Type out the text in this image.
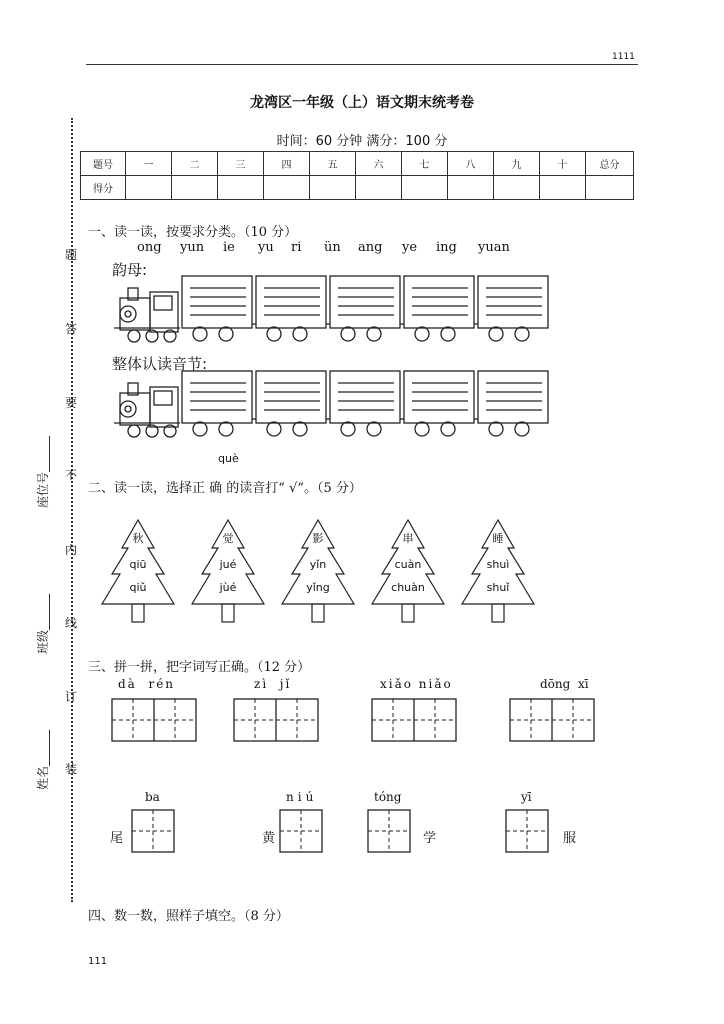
1111
龙湾区一年级（上）语文期末统考卷
时间：60 分钟 满分：100 分
题号	一	二	三	四	五	六	七	八	九	十	总分
得分											
题
答
要
不
内
线
订
装
座位号______
班级______
姓名______
一、读一读，按要求分类。（10 分）
ong yun ie yu ri ün ang ye ing yuan
韵母:
整体认读音节:
què
二、读一读，选择正 确 的读音打“ √”。（5 分）
秋
qiū
qiǔ
觉
jué
jùé
影
yǐn
yǐng
串
cuàn
chuàn
睡
shuì
shuǐ
三、拼一拼，把字词写正确。（12 分）
dà  rén	zì  jǐ	xiǎo niǎo	dōng  xī
ba	niú	tóng	yī
尾	黄	学	服
四、数一数，照样子填空。（8 分）
111
